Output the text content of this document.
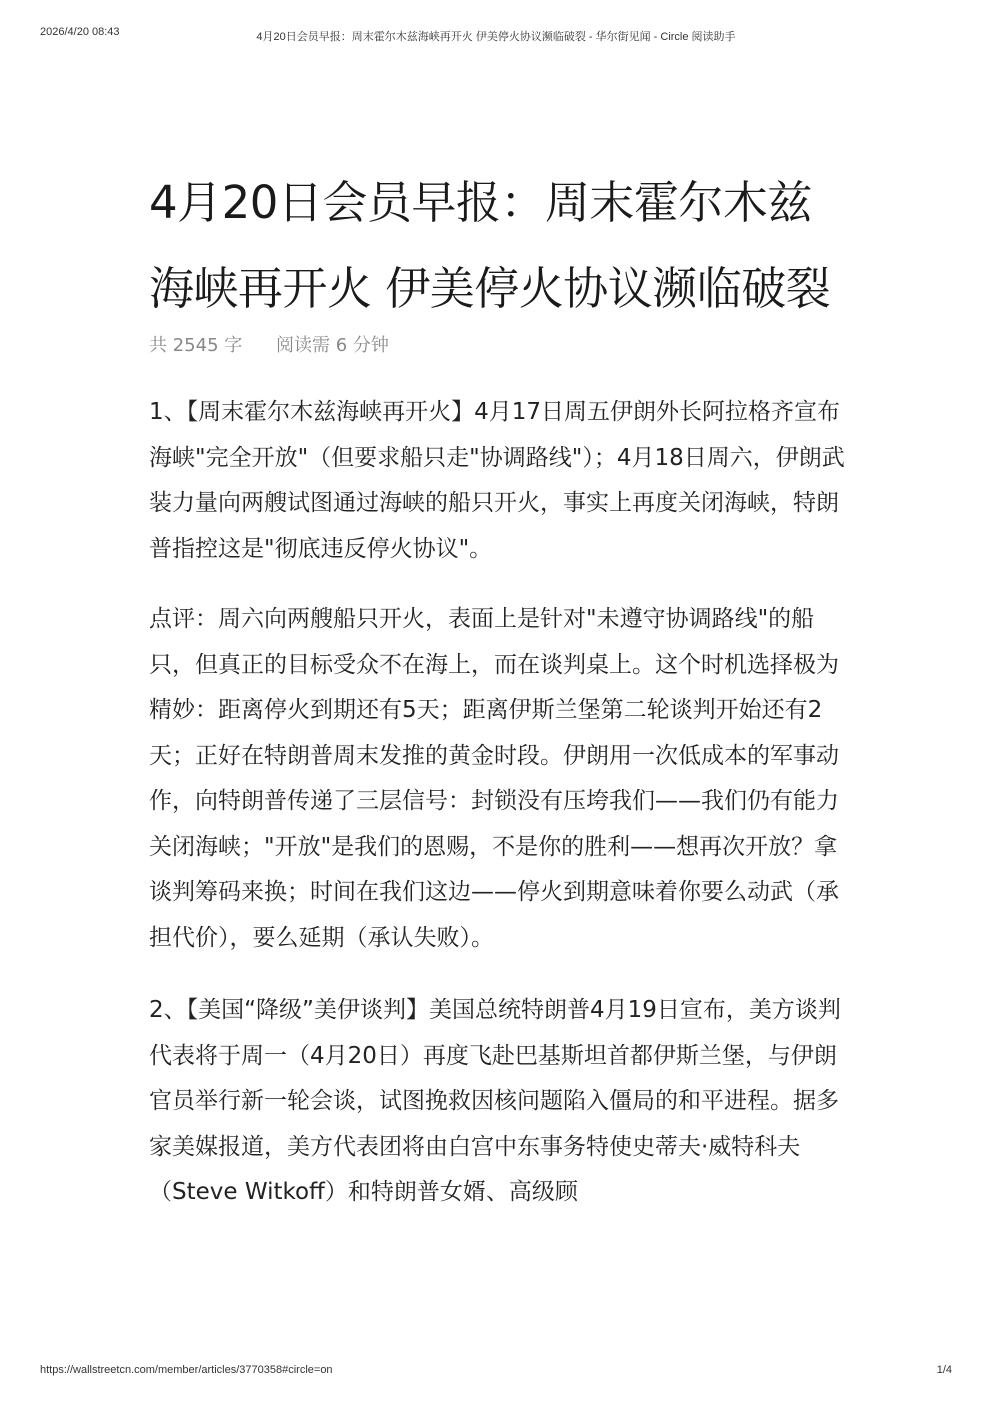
2026/4/20 08:43	4月20日会员早报：周末霍尔木兹海峡再开火 伊美停火协议濒临破裂 - 华尔街见闻 - Circle 阅读助手
4月20日会员早报：周末霍尔木兹海峡再开火 伊美停火协议濒临破裂
共 2545 字 阅读需 6 分钟

1、【周末霍尔木兹海峡再开火】4月17日周五伊朗外长阿拉格齐宣布海峡"完全开放"（但要求船只走"协调路线"）；4月18日周六，伊朗武装力量向两艘试图通过海峡的船只开火，事实上再度关闭海峡，特朗普指控这是"彻底违反停火协议"。

点评：周六向两艘船只开火，表面上是针对"未遵守协调路线"的船只，但真正的目标受众不在海上，而在谈判桌上。这个时机选择极为精妙：距离停火到期还有5天；距离伊斯兰堡第二轮谈判开始还有2天；正好在特朗普周末发推的黄金时段。伊朗用一次低成本的军事动作，向特朗普传递了三层信号：封锁没有压垮我们——我们仍有能力关闭海峡；"开放"是我们的恩赐，不是你的胜利——想再次开放？拿谈判筹码来换；时间在我们这边——停火到期意味着你要么动武（承担代价），要么延期（承认失败）。

2、【美国“降级”美伊谈判】美国总统特朗普4月19日宣布，美方谈判代表将于周一（4月20日）再度飞赴巴基斯坦首都伊斯兰堡，与伊朗官员举行新一轮会谈，试图挽救因核问题陷入僵局的和平进程。据多家美媒报道，美方代表团将由白宫中东事务特使史蒂夫·威特科夫（Steve Witkoff）和特朗普女婿、高级顾

https://wallstreetcn.com/member/articles/3770358#circle=on	1/4
